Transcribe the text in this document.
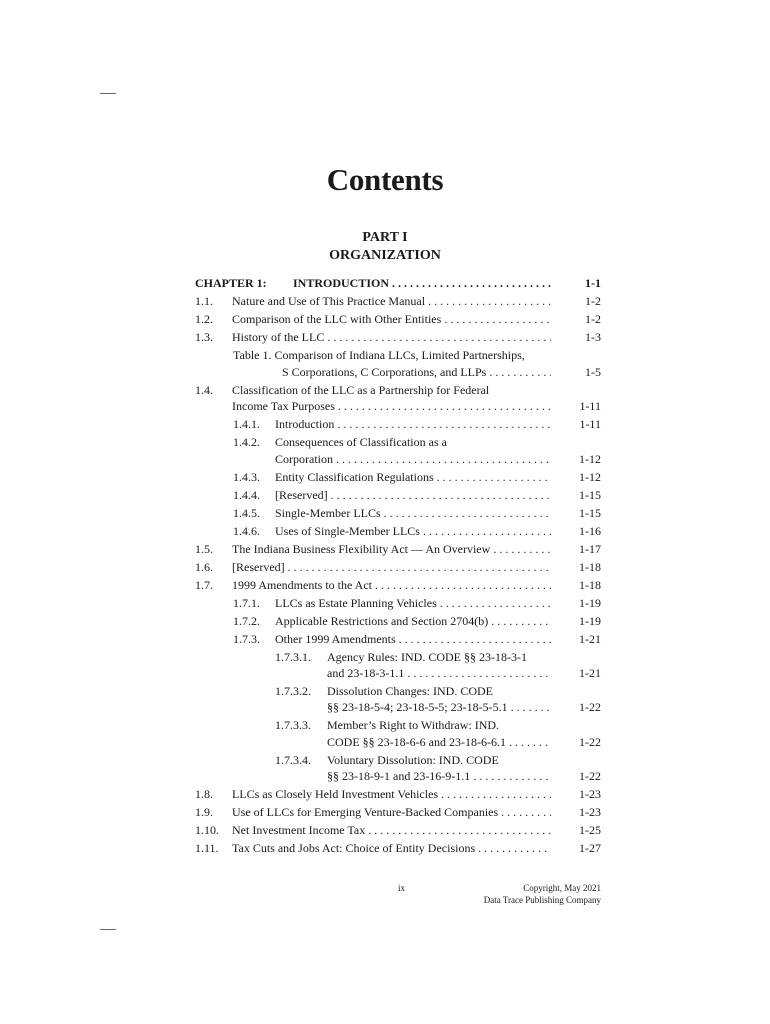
Contents
PART I
ORGANIZATION
CHAPTER 1: INTRODUCTION . . .	1-1
1.1. Nature and Use of This Practice Manual . . .	1-2
1.2. Comparison of the LLC with Other Entities . . .	1-2
1.3. History of the LLC . . .	1-3
Table 1. Comparison of Indiana LLCs, Limited Partnerships,
S Corporations, C Corporations, and LLPs . . .	1-5
1.4. Classification of the LLC as a Partnership for Federal
Income Tax Purposes . . .	1-11
1.4.1. Introduction . . .	1-11
1.4.2. Consequences of Classification as a
Corporation . . .	1-12
1.4.3. Entity Classification Regulations . . .	1-12
1.4.4. [Reserved] . . .	1-15
1.4.5. Single-Member LLCs . . .	1-15
1.4.6. Uses of Single-Member LLCs . . .	1-16
1.5. The Indiana Business Flexibility Act — An Overview . . .	1-17
1.6. [Reserved] . . .	1-18
1.7. 1999 Amendments to the Act . . .	1-18
1.7.1. LLCs as Estate Planning Vehicles . . .	1-19
1.7.2. Applicable Restrictions and Section 2704(b) . . .	1-19
1.7.3. Other 1999 Amendments . . .	1-21
1.7.3.1. Agency Rules: IND. CODE §§ 23-18-3-1
and 23-18-3-1.1 . . .	1-21
1.7.3.2. Dissolution Changes: IND. CODE
§§ 23-18-5-4; 23-18-5-5; 23-18-5-5.1 . . .	1-22
1.7.3.3. Member’s Right to Withdraw: IND.
CODE §§ 23-18-6-6 and 23-18-6-6.1 . . .	1-22
1.7.3.4. Voluntary Dissolution: IND. CODE
§§ 23-18-9-1 and 23-16-9-1.1 . . .	1-22
1.8. LLCs as Closely Held Investment Vehicles . . .	1-23
1.9. Use of LLCs for Emerging Venture-Backed Companies . . .	1-23
1.10. Net Investment Income Tax . . .	1-25
1.11. Tax Cuts and Jobs Act: Choice of Entity Decisions . . .	1-27
ix	Copyright, May 2021
Data Trace Publishing Company
